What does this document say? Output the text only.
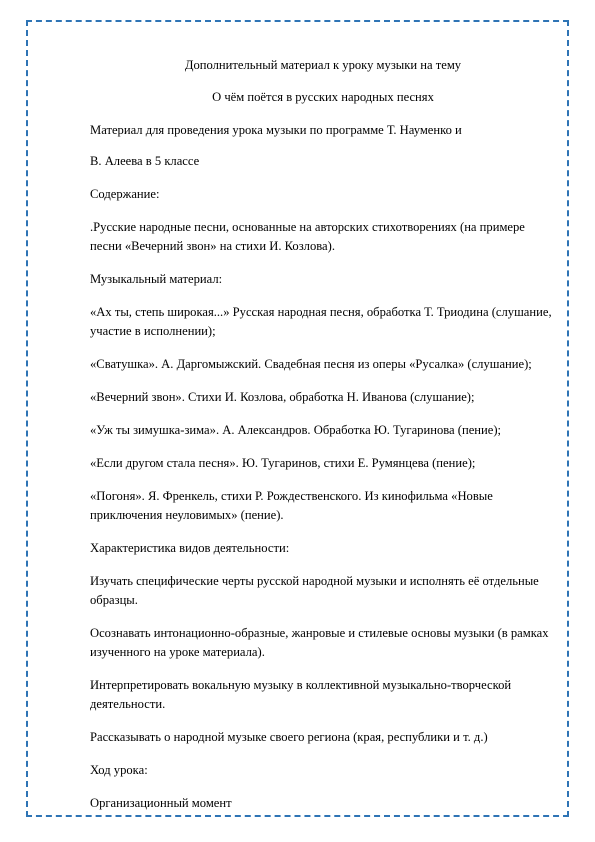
Дополнительный материал к уроку музыки на тему
О чём поётся в русских народных песнях
Материал для проведения урока музыки по программе Т. Науменко и
В. Алеева в 5 классе
Содержание:
.Русские народные песни, основанные на авторских стихотворениях (на примере песни «Вечерний звон» на стихи И. Козлова).
Музыкальный материал:
«Ах ты, степь широкая...» Русская народная песня, обработка Т. Триодина (слушание, участие в исполнении);
«Сватушка». А. Даргомыжский. Свадебная песня из оперы «Русалка» (слушание);
«Вечерний звон». Стихи И. Козлова, обработка Н. Иванова (слушание);
«Уж ты зимушка-зима». А. Александров. Обработка Ю. Тугаринова (пение);
«Если другом стала песня». Ю. Тугаринов, стихи Е. Румянцева (пение);
«Погоня». Я. Френкель, стихи Р. Рождественского. Из кинофильма «Новые приключения неуловимых» (пение).
Характеристика видов деятельности:
Изучать специфические черты русской народной музыки и исполнять её отдельные образцы.
Осознавать интонационно-образные, жанровые и стилевые основы музыки (в рамках изученного на уроке материала).
Интерпретировать вокальную музыку в коллективной музыкально-творческой деятельности.
Рассказывать о народной музыке своего региона (края, республики и т. д.)
Ход урока:
Организационный момент
